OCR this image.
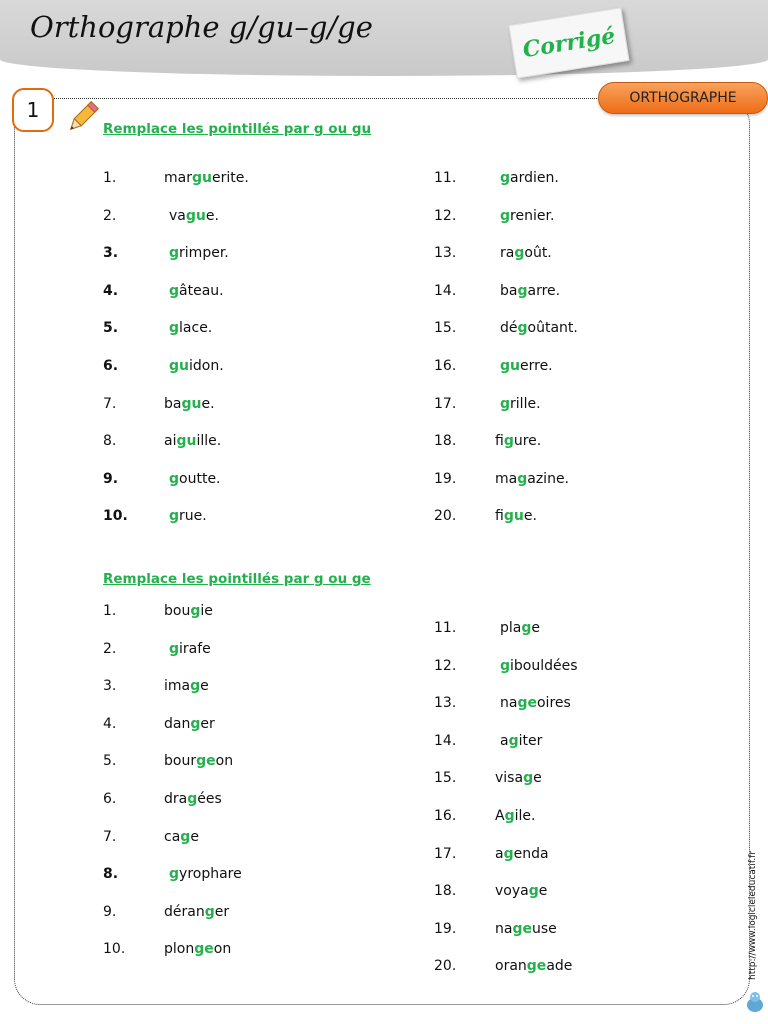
Orthographe g/gu–g/ge	Corrigé
1	ORTHOGRAPHE
Remplace les pointillés par g ou gu
1.	marguerite.
2.	vague.
3.	grimper.
4.	gâteau.
5.	glace.
6.	guidon.
7.	bague.
8.	aiguille.
9.	goutte.
10.	grue.
11.	gardien.
12.	grenier.
13.	ragoût.
14.	bagarre.
15.	dégoûtant.
16.	guerre.
17.	grille.
18.	figure.
19.	magazine.
20.	figue.
Remplace les pointillés par g ou ge
1.	bougie
2.	girafe
3.	image
4.	danger
5.	bourgeon
6.	dragées
7.	cage
8.	gyrophare
9.	déranger
10.	plongeon
11.	plage
12.	gibouldées
13.	nageoires
14.	agiter
15.	visage
16.	Agile.
17.	agenda
18.	voyage
19.	nageuse
20.	orangeade	http://www.logicieleducatif.fr
